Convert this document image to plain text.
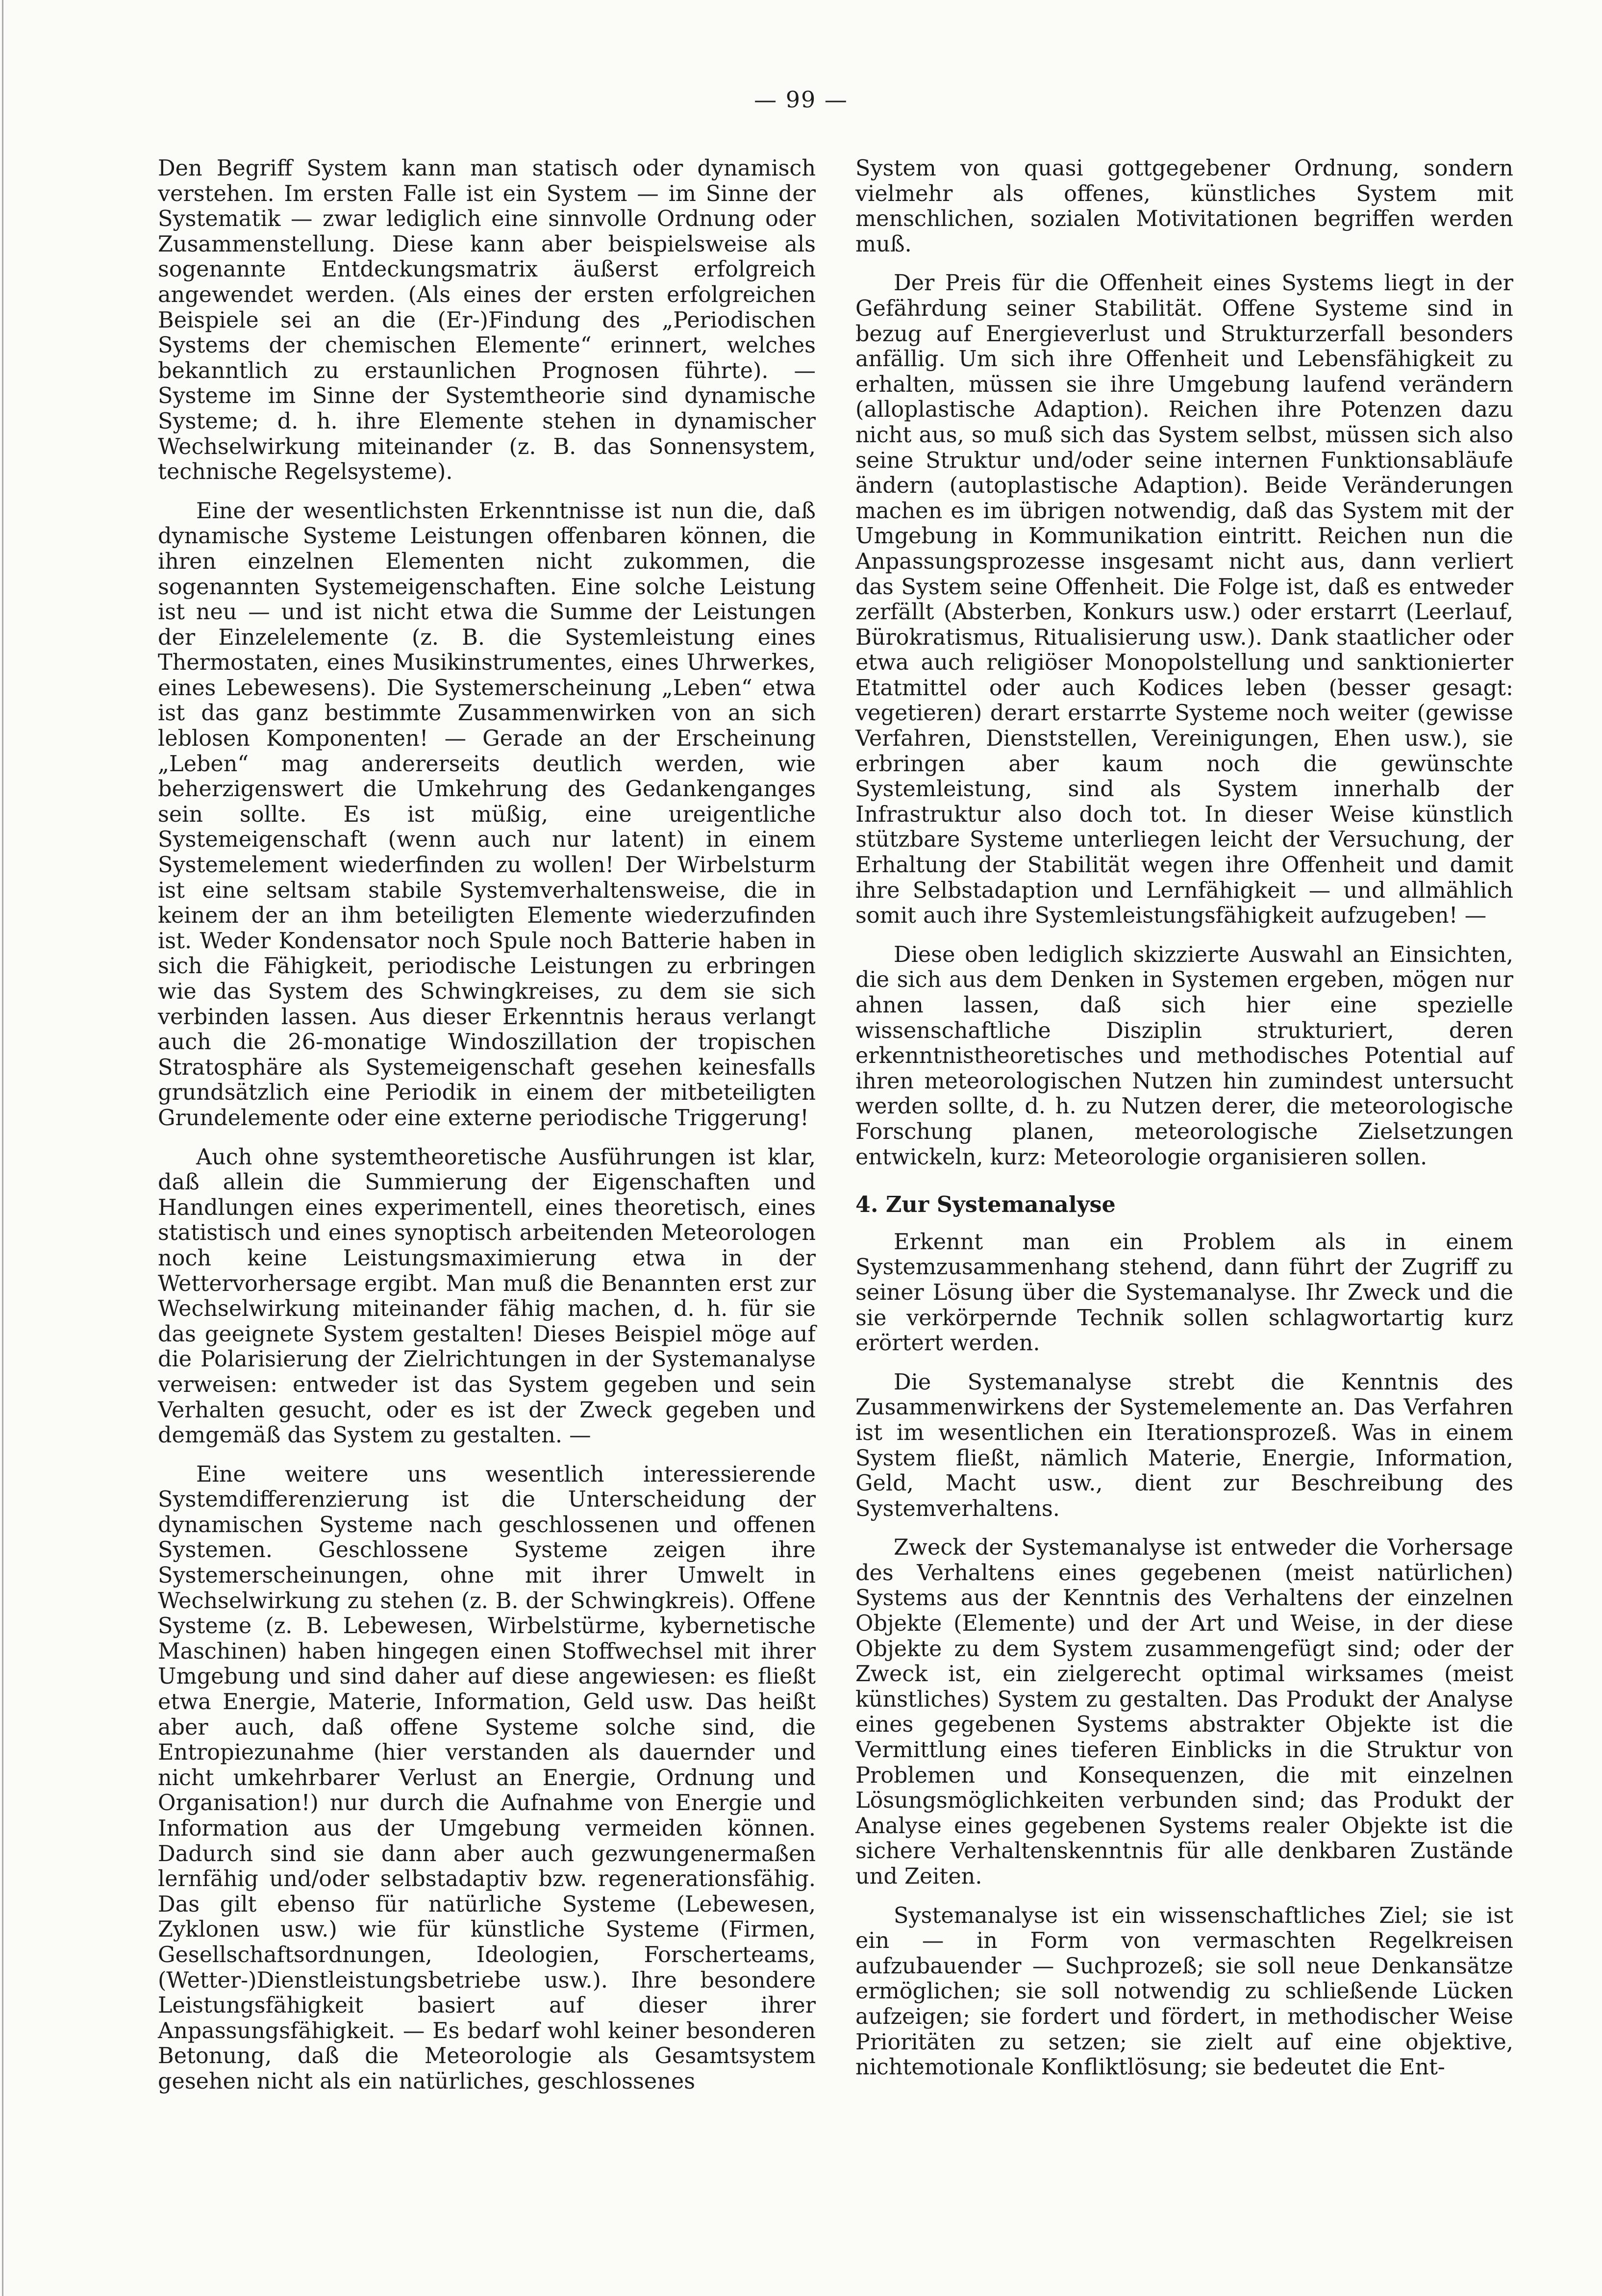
— 99 —

Den Begriff System kann man statisch oder dynamisch verstehen. Im ersten Falle ist ein System — im Sinne der Systematik — zwar lediglich eine sinnvolle Ordnung oder Zusammenstellung. Diese kann aber beispielsweise als sogenannte Entdeckungsmatrix äußerst erfolgreich angewendet werden. (Als eines der ersten erfolgreichen Beispiele sei an die (Er-)Findung des „Periodischen Systems der chemischen Elemente“ erinnert, welches bekanntlich zu erstaunlichen Prognosen führte). — Systeme im Sinne der Systemtheorie sind dynamische Systeme; d. h. ihre Elemente stehen in dynamischer Wechselwirkung miteinander (z. B. das Sonnensystem, technische Regelsysteme).

Eine der wesentlichsten Erkenntnisse ist nun die, daß dynamische Systeme Leistungen offenbaren können, die ihren einzelnen Elementen nicht zukommen, die sogenannten Systemeigenschaften. Eine solche Leistung ist neu — und ist nicht etwa die Summe der Leistungen der Einzelelemente (z. B. die Systemleistung eines Thermostaten, eines Musikinstrumentes, eines Uhrwerkes, eines Lebewesens). Die Systemerscheinung „Leben“ etwa ist das ganz bestimmte Zusammenwirken von an sich leblosen Komponenten! — Gerade an der Erscheinung „Leben“ mag andererseits deutlich werden, wie beherzigenswert die Umkehrung des Gedankenganges sein sollte. Es ist müßig, eine ureigentliche Systemeigenschaft (wenn auch nur latent) in einem Systemelement wiederfinden zu wollen! Der Wirbelsturm ist eine seltsam stabile Systemverhaltensweise, die in keinem der an ihm beteiligten Elemente wiederzufinden ist. Weder Kondensator noch Spule noch Batterie haben in sich die Fähigkeit, periodische Leistungen zu erbringen wie das System des Schwingkreises, zu dem sie sich verbinden lassen. Aus dieser Erkenntnis heraus verlangt auch die 26-monatige Windoszillation der tropischen Stratosphäre als Systemeigenschaft gesehen keinesfalls grundsätzlich eine Periodik in einem der mitbeteiligten Grundelemente oder eine externe periodische Triggerung!

Auch ohne systemtheoretische Ausführungen ist klar, daß allein die Summierung der Eigenschaften und Handlungen eines experimentell, eines theoretisch, eines statistisch und eines synoptisch arbeitenden Meteorologen noch keine Leistungsmaximierung etwa in der Wettervorhersage ergibt. Man muß die Benannten erst zur Wechselwirkung miteinander fähig machen, d. h. für sie das geeignete System gestalten! Dieses Beispiel möge auf die Polarisierung der Zielrichtungen in der Systemanalyse verweisen: entweder ist das System gegeben und sein Verhalten gesucht, oder es ist der Zweck gegeben und demgemäß das System zu gestalten. —

Eine weitere uns wesentlich interessierende Systemdifferenzierung ist die Unterscheidung der dynamischen Systeme nach geschlossenen und offenen Systemen. Geschlossene Systeme zeigen ihre Systemerscheinungen, ohne mit ihrer Umwelt in Wechselwirkung zu stehen (z. B. der Schwingkreis). Offene Systeme (z. B. Lebewesen, Wirbelstürme, kybernetische Maschinen) haben hingegen einen Stoffwechsel mit ihrer Umgebung und sind daher auf diese angewiesen: es fließt etwa Energie, Materie, Information, Geld usw. Das heißt aber auch, daß offene Systeme solche sind, die Entropiezunahme (hier verstanden als dauernder und nicht umkehrbarer Verlust an Energie, Ordnung und Organisation!) nur durch die Aufnahme von Energie und Information aus der Umgebung vermeiden können. Dadurch sind sie dann aber auch gezwungenermaßen lernfähig und/oder selbstadaptiv bzw. regenerationsfähig. Das gilt ebenso für natürliche Systeme (Lebewesen, Zyklonen usw.) wie für künstliche Systeme (Firmen, Gesellschaftsordnungen, Ideologien, Forscherteams, (Wetter-)Dienstleistungsbetriebe usw.). Ihre besondere Leistungsfähigkeit basiert auf dieser ihrer Anpassungsfähigkeit. — Es bedarf wohl keiner besonderen Betonung, daß die Meteorologie als Gesamtsystem gesehen nicht als ein natürliches, geschlossenes

System von quasi gottgegebener Ordnung, sondern vielmehr als offenes, künstliches System mit menschlichen, sozialen Motivitationen begriffen werden muß.

Der Preis für die Offenheit eines Systems liegt in der Gefährdung seiner Stabilität. Offene Systeme sind in bezug auf Energieverlust und Strukturzerfall besonders anfällig. Um sich ihre Offenheit und Lebensfähigkeit zu erhalten, müssen sie ihre Umgebung laufend verändern (alloplastische Adaption). Reichen ihre Potenzen dazu nicht aus, so muß sich das System selbst, müssen sich also seine Struktur und/oder seine internen Funktionsabläufe ändern (autoplastische Adaption). Beide Veränderungen machen es im übrigen notwendig, daß das System mit der Umgebung in Kommunikation eintritt. Reichen nun die Anpassungsprozesse insgesamt nicht aus, dann verliert das System seine Offenheit. Die Folge ist, daß es entweder zerfällt (Absterben, Konkurs usw.) oder erstarrt (Leerlauf, Bürokratismus, Ritualisierung usw.). Dank staatlicher oder etwa auch religiöser Monopolstellung und sanktionierter Etatmittel oder auch Kodices leben (besser gesagt: vegetieren) derart erstarrte Systeme noch weiter (gewisse Verfahren, Dienststellen, Vereinigungen, Ehen usw.), sie erbringen aber kaum noch die gewünschte Systemleistung, sind als System innerhalb der Infrastruktur also doch tot. In dieser Weise künstlich stützbare Systeme unterliegen leicht der Versuchung, der Erhaltung der Stabilität wegen ihre Offenheit und damit ihre Selbstadaption und Lernfähigkeit — und allmählich somit auch ihre Systemleistungsfähigkeit aufzugeben! —

Diese oben lediglich skizzierte Auswahl an Einsichten, die sich aus dem Denken in Systemen ergeben, mögen nur ahnen lassen, daß sich hier eine spezielle wissenschaftliche Disziplin strukturiert, deren erkenntnistheoretisches und methodisches Potential auf ihren meteorologischen Nutzen hin zumindest untersucht werden sollte, d. h. zu Nutzen derer, die meteorologische Forschung planen, meteorologische Zielsetzungen entwickeln, kurz: Meteorologie organisieren sollen.

4. Zur Systemanalyse

Erkennt man ein Problem als in einem Systemzusammenhang stehend, dann führt der Zugriff zu seiner Lösung über die Systemanalyse. Ihr Zweck und die sie verkörpernde Technik sollen schlagwortartig kurz erörtert werden.

Die Systemanalyse strebt die Kenntnis des Zusammenwirkens der Systemelemente an. Das Verfahren ist im wesentlichen ein Iterationsprozeß. Was in einem System fließt, nämlich Materie, Energie, Information, Geld, Macht usw., dient zur Beschreibung des Systemverhaltens.

Zweck der Systemanalyse ist entweder die Vorhersage des Verhaltens eines gegebenen (meist natürlichen) Systems aus der Kenntnis des Verhaltens der einzelnen Objekte (Elemente) und der Art und Weise, in der diese Objekte zu dem System zusammengefügt sind; oder der Zweck ist, ein zielgerecht optimal wirksames (meist künstliches) System zu gestalten. Das Produkt der Analyse eines gegebenen Systems abstrakter Objekte ist die Vermittlung eines tieferen Einblicks in die Struktur von Problemen und Konsequenzen, die mit einzelnen Lösungsmöglichkeiten verbunden sind; das Produkt der Analyse eines gegebenen Systems realer Objekte ist die sichere Verhaltenskenntnis für alle denkbaren Zustände und Zeiten.

Systemanalyse ist ein wissenschaftliches Ziel; sie ist ein — in Form von vermaschten Regelkreisen aufzubauender — Suchprozeß; sie soll neue Denkansätze ermöglichen; sie soll notwendig zu schließende Lücken aufzeigen; sie fordert und fördert, in methodischer Weise Prioritäten zu setzen; sie zielt auf eine objektive, nichtemotionale Konfliktlösung; sie bedeutet die Ent-
